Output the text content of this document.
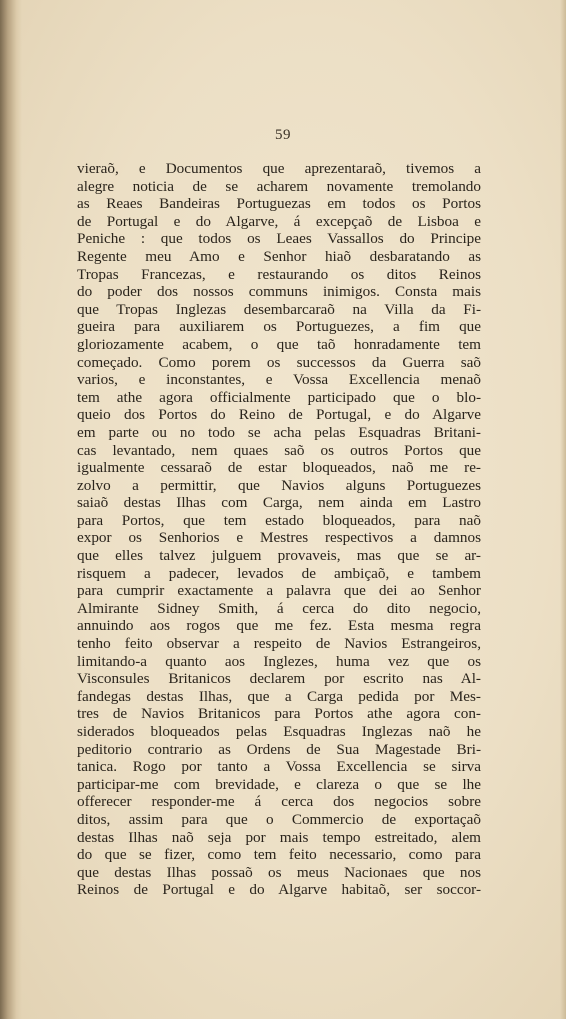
59
vieraõ, e Documentos que aprezentaraõ, tivemos a
alegre noticia de se acharem novamente tremolando
as Reaes Bandeiras Portuguezas em todos os Portos
de Portugal e do Algarve, á excepçaõ de Lisboa e
Peniche : que todos os Leaes Vassallos do Principe
Regente meu Amo e Senhor hiaõ desbaratando as
Tropas Francezas, e restaurando os ditos Reinos
do poder dos nossos communs inimigos. Consta mais
que Tropas Inglezas desembarcaraõ na Villa da Fi-
gueira para auxiliarem os Portuguezes, a fim que
gloriozamente acabem, o que taõ honradamente tem
começado. Como porem os successos da Guerra saõ
varios, e inconstantes, e Vossa Excellencia menaõ
tem athe agora officialmente participado que o blo-
queio dos Portos do Reino de Portugal, e do Algarve
em parte ou no todo se acha pelas Esquadras Britani-
cas levantado, nem quaes saõ os outros Portos que
igualmente cessaraõ de estar bloqueados, naõ me re-
zolvo a permittir, que Navios alguns Portuguezes
saiaõ destas Ilhas com Carga, nem ainda em Lastro
para Portos, que tem estado bloqueados, para naõ
expor os Senhorios e Mestres respectivos a damnos
que elles talvez julguem provaveis, mas que se ar-
risquem a padecer, levados de ambiçaõ, e tambem
para cumprir exactamente a palavra que dei ao Senhor
Almirante Sidney Smith, á cerca do dito negocio,
annuindo aos rogos que me fez. Esta mesma regra
tenho feito observar a respeito de Navios Estrangeiros,
limitando-a quanto aos Inglezes, huma vez que os
Visconsules Britanicos declarem por escrito nas Al-
fandegas destas Ilhas, que a Carga pedida por Mes-
tres de Navios Britanicos para Portos athe agora con-
siderados bloqueados pelas Esquadras Inglezas naõ he
peditorio contrario as Ordens de Sua Magestade Bri-
tanica. Rogo por tanto a Vossa Excellencia se sirva
participar-me com brevidade, e clareza o que se lhe
offerecer responder-me á cerca dos negocios sobre
ditos, assim para que o Commercio de exportaçaõ
destas Ilhas naõ seja por mais tempo estreitado, alem
do que se fizer, como tem feito necessario, como para
que destas Ilhas possaõ os meus Nacionaes que nos
Reinos de Portugal e do Algarve habitaõ, ser soccor-
